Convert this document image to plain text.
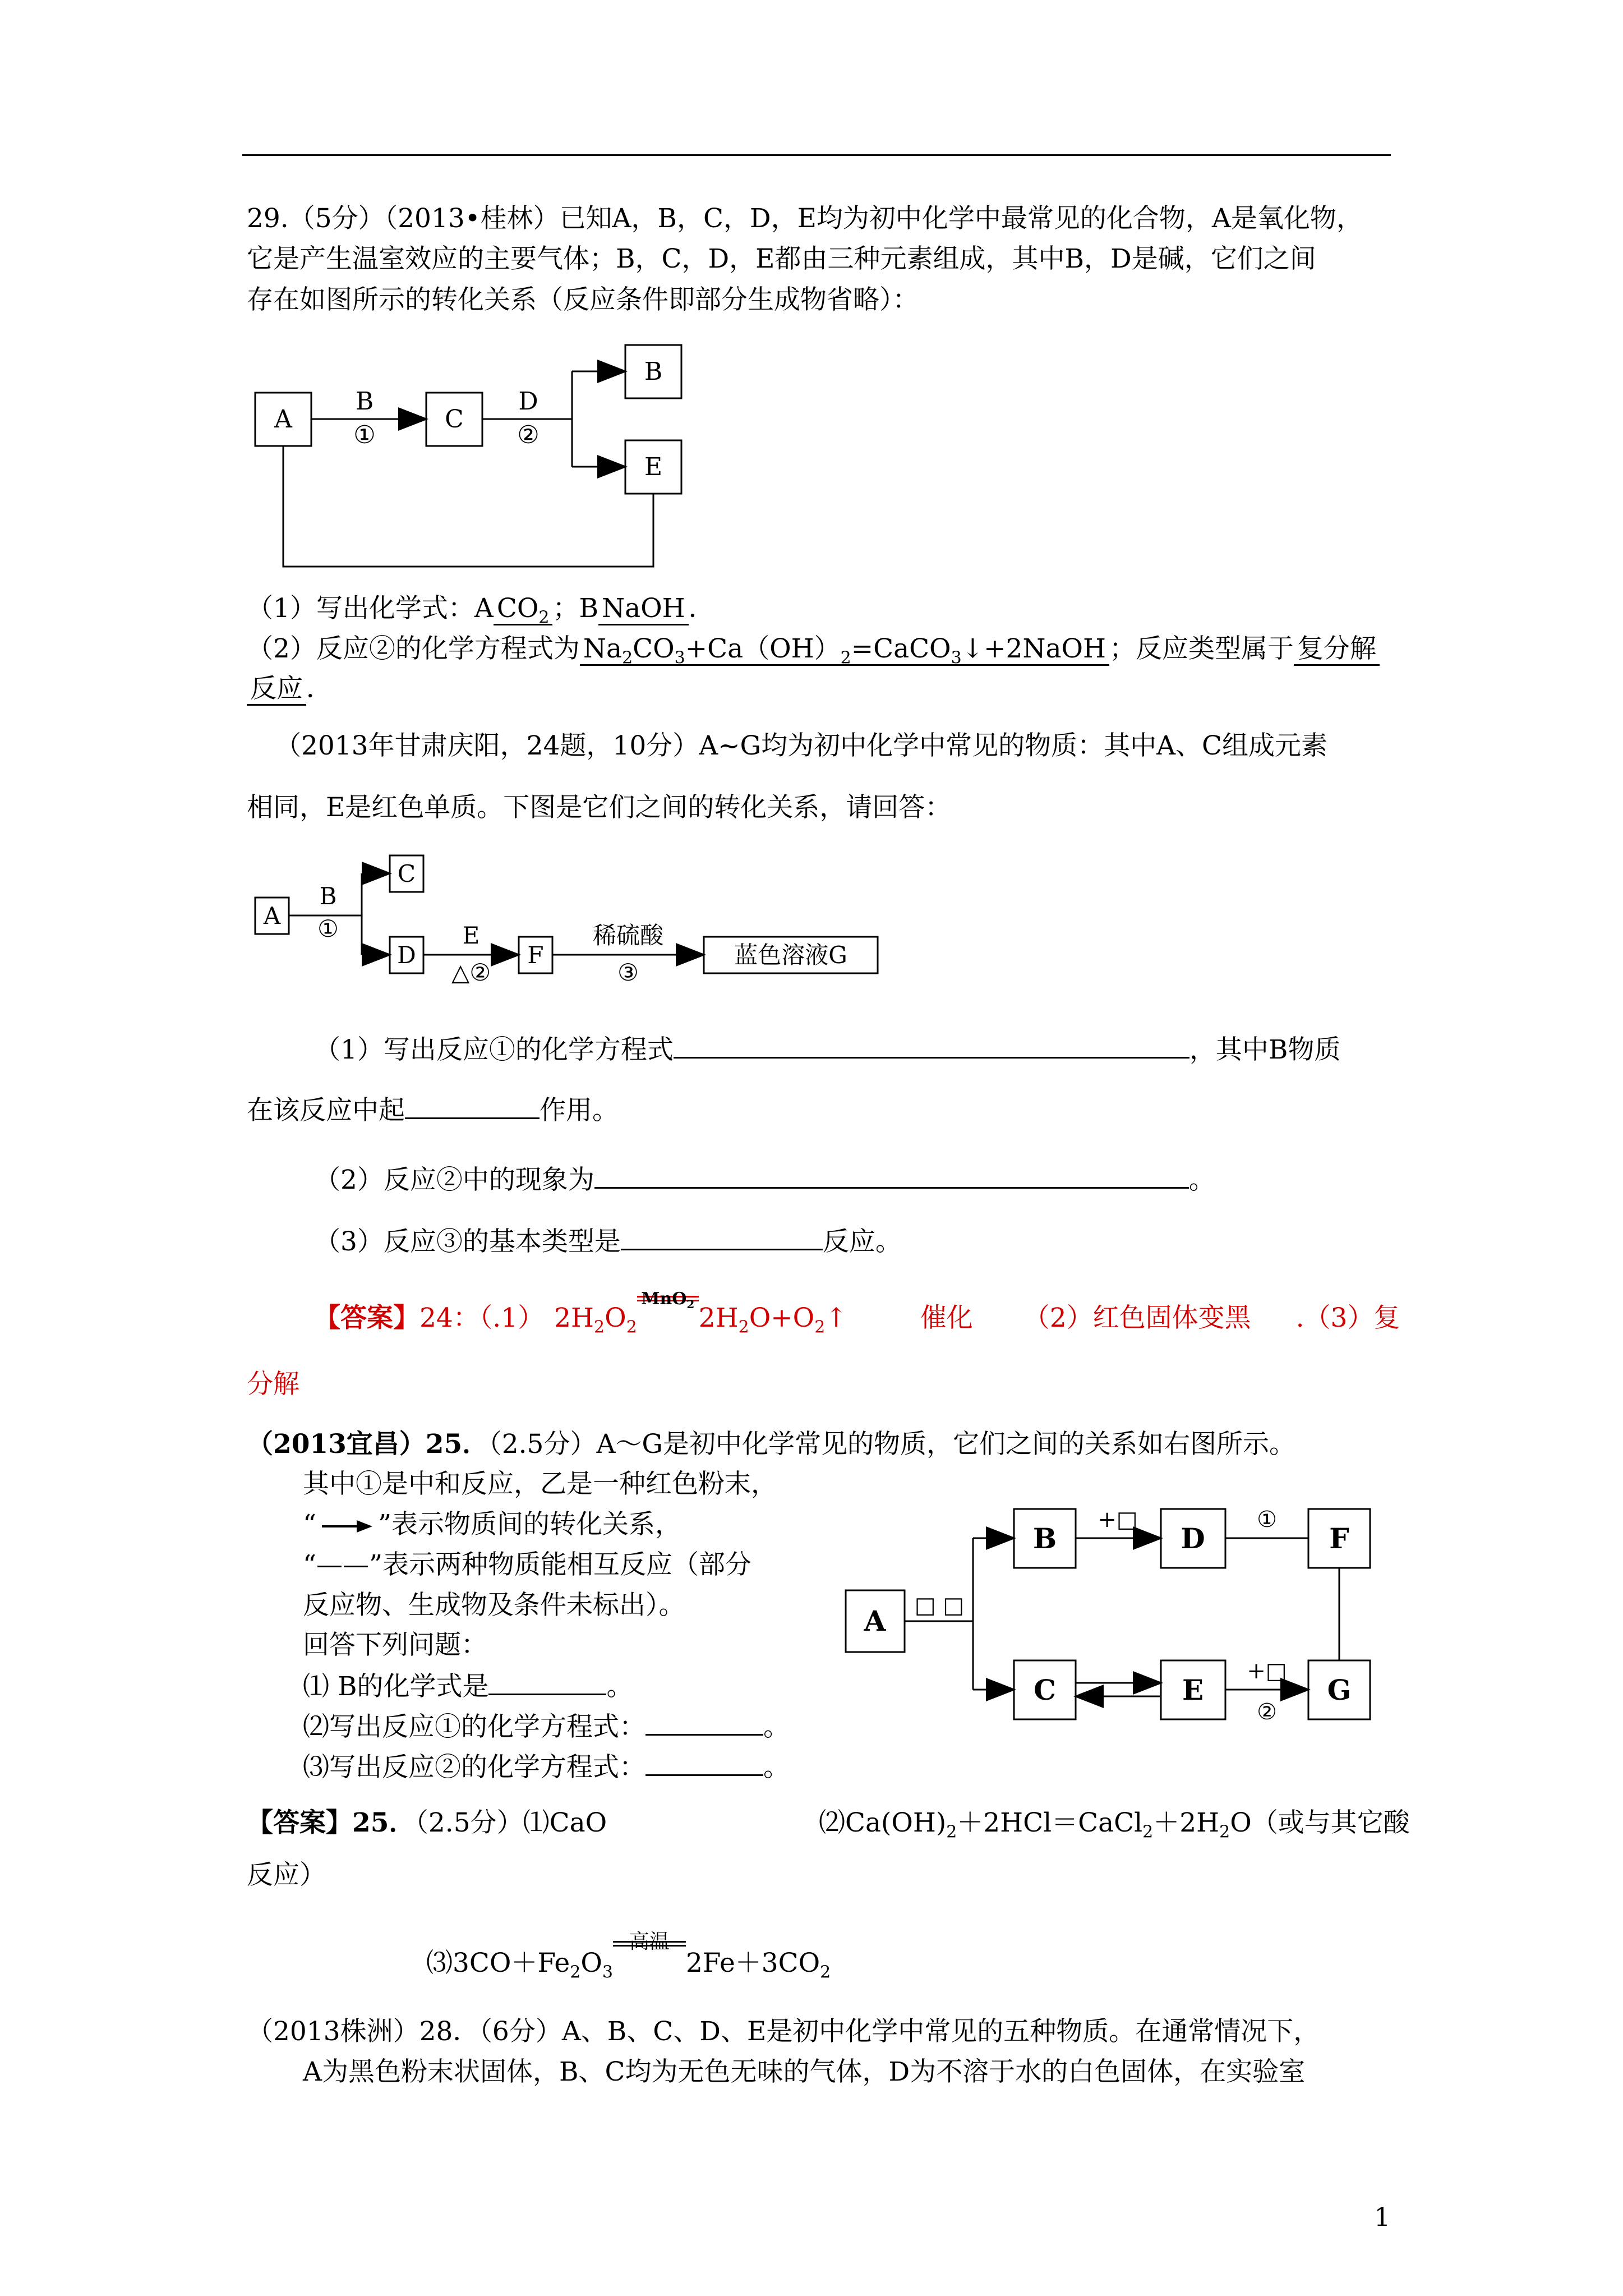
29.（5分）（2013•桂林）已知A，B，C，D，E均为初中化学中最常见的化合物，A是氧化物，
它是产生温室效应的主要气体；B，C，D，E都由三种元素组成，其中B，D是碱，它们之间
存在如图所示的转化关系（反应条件即部分生成物省略）：
A	C
B
E
B
①
D
②
（1）写出化学式：A $CO_2$ ；B NaOH ．
（2）反应②的化学方程式为 $Na_2CO_3+Ca(OH)_2=CaCO_3↓+2NaOH$ ；反应类型属于 复分解
反应 ．
（2013年甘肃庆阳，24题，10分）A~G均为初中化学中常见的物质：其中A、C组成元素
相同，E是红色单质。下图是它们之间的转化关系，请回答：
A
C
D	F	蓝色溶液G
B
①	E
△②
稀硫酸
③
（1）写出反应①的化学方程式	，其中B物质
在该反应中起	作用。
（2）反应②中的现象为	。
（3）反应③的基本类型是	反应。
【答案】24：（.1） $2H_2O_2$
MnO$_2$ $2H_2O+O_2↑$	催化 （2）红色固体变黑 .（3）复
分解
（2013宜昌）25．（2.5分）A～G是初中化学常见的物质，它们之间的关系如右图所示。
其中①是中和反应，乙是一种红色粉末，
“ ”表示物质间的转化关系，
“——”表示两种物质能相互反应（部分
反应物、生成物及条件未标出）。
回答下列问题：
⑴ B的化学式是	。
⑵写出反应①的化学方程式：	。
⑶写出反应②的化学方程式：	。
A
B	D	F
C	E	G
□ □
+□	①
+□
②
【答案】25．（2.5分）⑴CaO	$⑵Ca(OH)_2+2HCl=CaCl_2+2H_2O$（或与其它酸
反应）
$⑶3CO+Fe_2O_3$
高温
$2Fe+3CO_2$
（2013株洲）28．（6分）A、B、C、D、E是初中化学中常见的五种物质。在通常情况下，
A为黑色粉末状固体，B、C均为无色无味的气体，D为不溶于水的白色固体，在实验室
1
